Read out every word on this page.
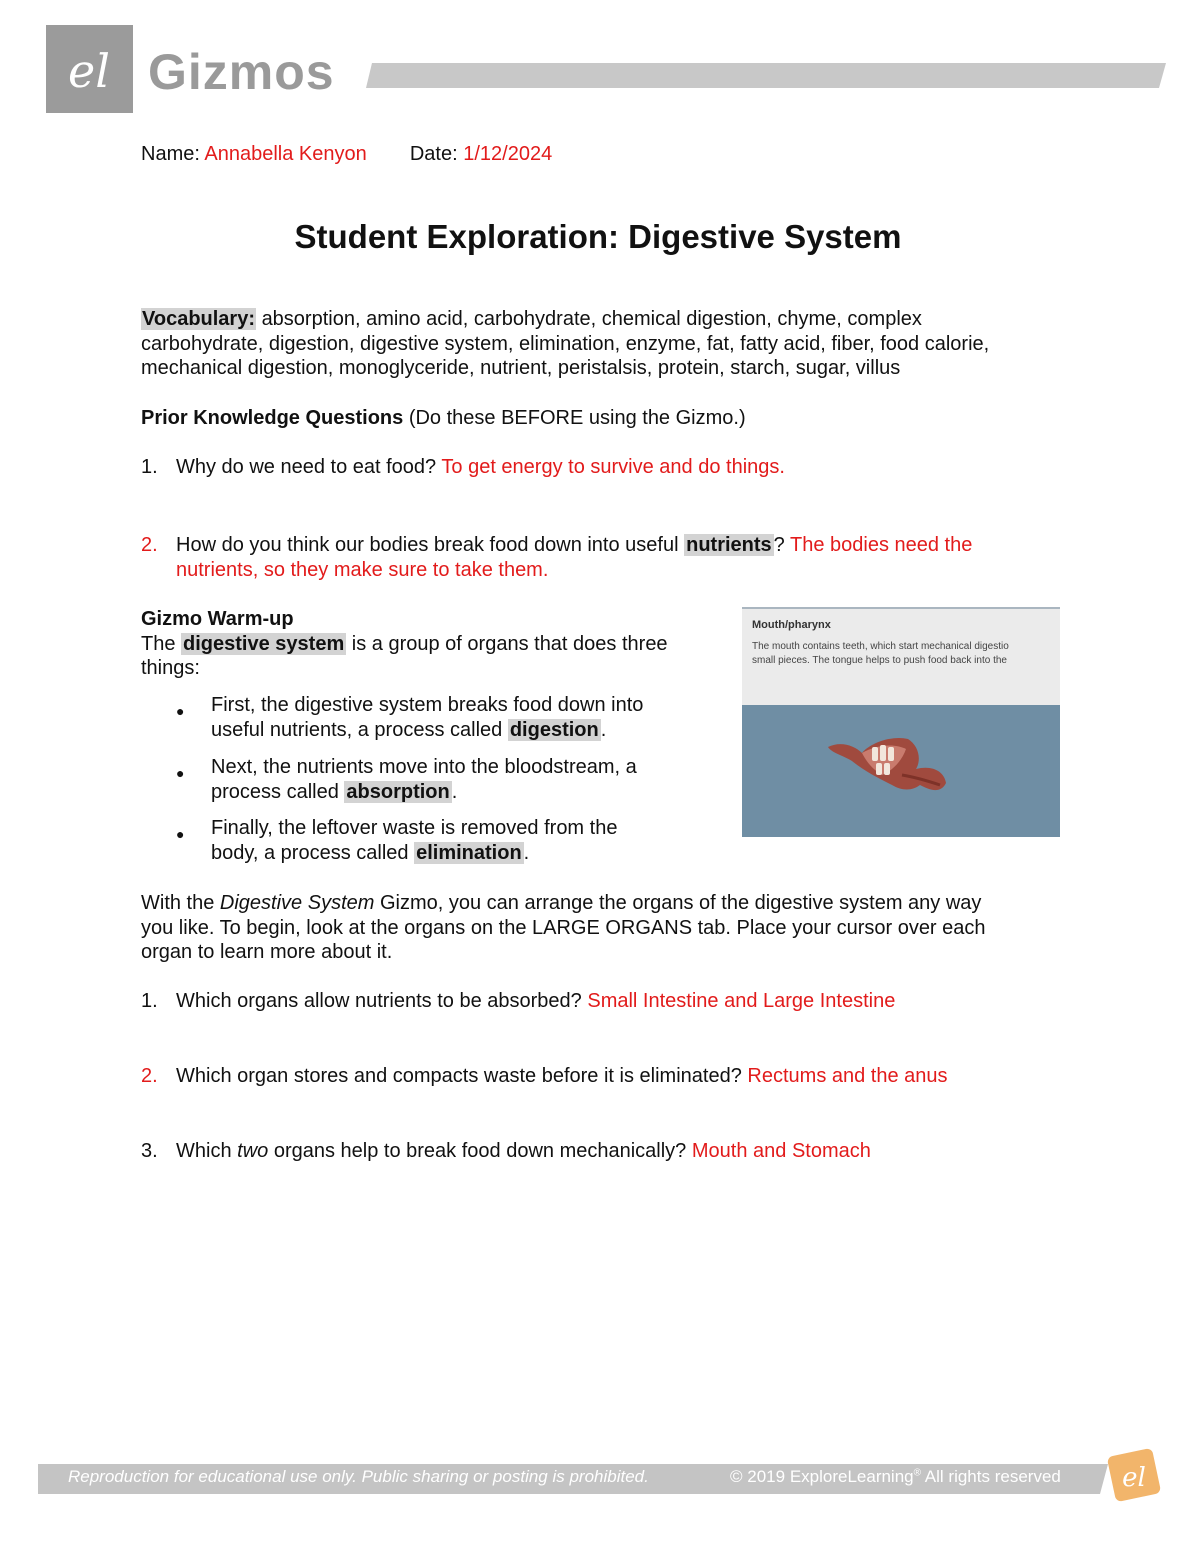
el Gizmos
Name: Annabella Kenyon Date: 1/12/2024
Student Exploration: Digestive System
Vocabulary: absorption, amino acid, carbohydrate, chemical digestion, chyme, complex
carbohydrate, digestion, digestive system, elimination, enzyme, fat, fatty acid, fiber, food calorie,
mechanical digestion, monoglyceride, nutrient, peristalsis, protein, starch, sugar, villus
Prior Knowledge Questions (Do these BEFORE using the Gizmo.)
1. Why do we need to eat food? To get energy to survive and do things.
2. How do you think our bodies break food down into useful nutrients ? The bodies need the
nutrients, so they make sure to take them.
Gizmo Warm-up
The digestive system is a group of organs that does three
things:
● First, the digestive system breaks food down into
useful nutrients, a process called digestion .
● Next, the nutrients move into the bloodstream, a
process called absorption .
● Finally, the leftover waste is removed from the
body, a process called elimination .
Mouth/pharynx
The mouth contains teeth, which start mechanical digestio
small pieces. The tongue helps to push food back into the
With the Digestive System Gizmo, you can arrange the organs of the digestive system any way
you like. To begin, look at the organs on the LARGE ORGANS tab. Place your cursor over each
organ to learn more about it.
1. Which organs allow nutrients to be absorbed? Small Intestine and Large Intestine
2. Which organ stores and compacts waste before it is eliminated? Rectums and the anus
3. Which two organs help to break food down mechanically? Mouth and Stomach
Reproduction for educational use only. Public sharing or posting is prohibited.	© 2019 ExploreLearning® All rights reserved el
